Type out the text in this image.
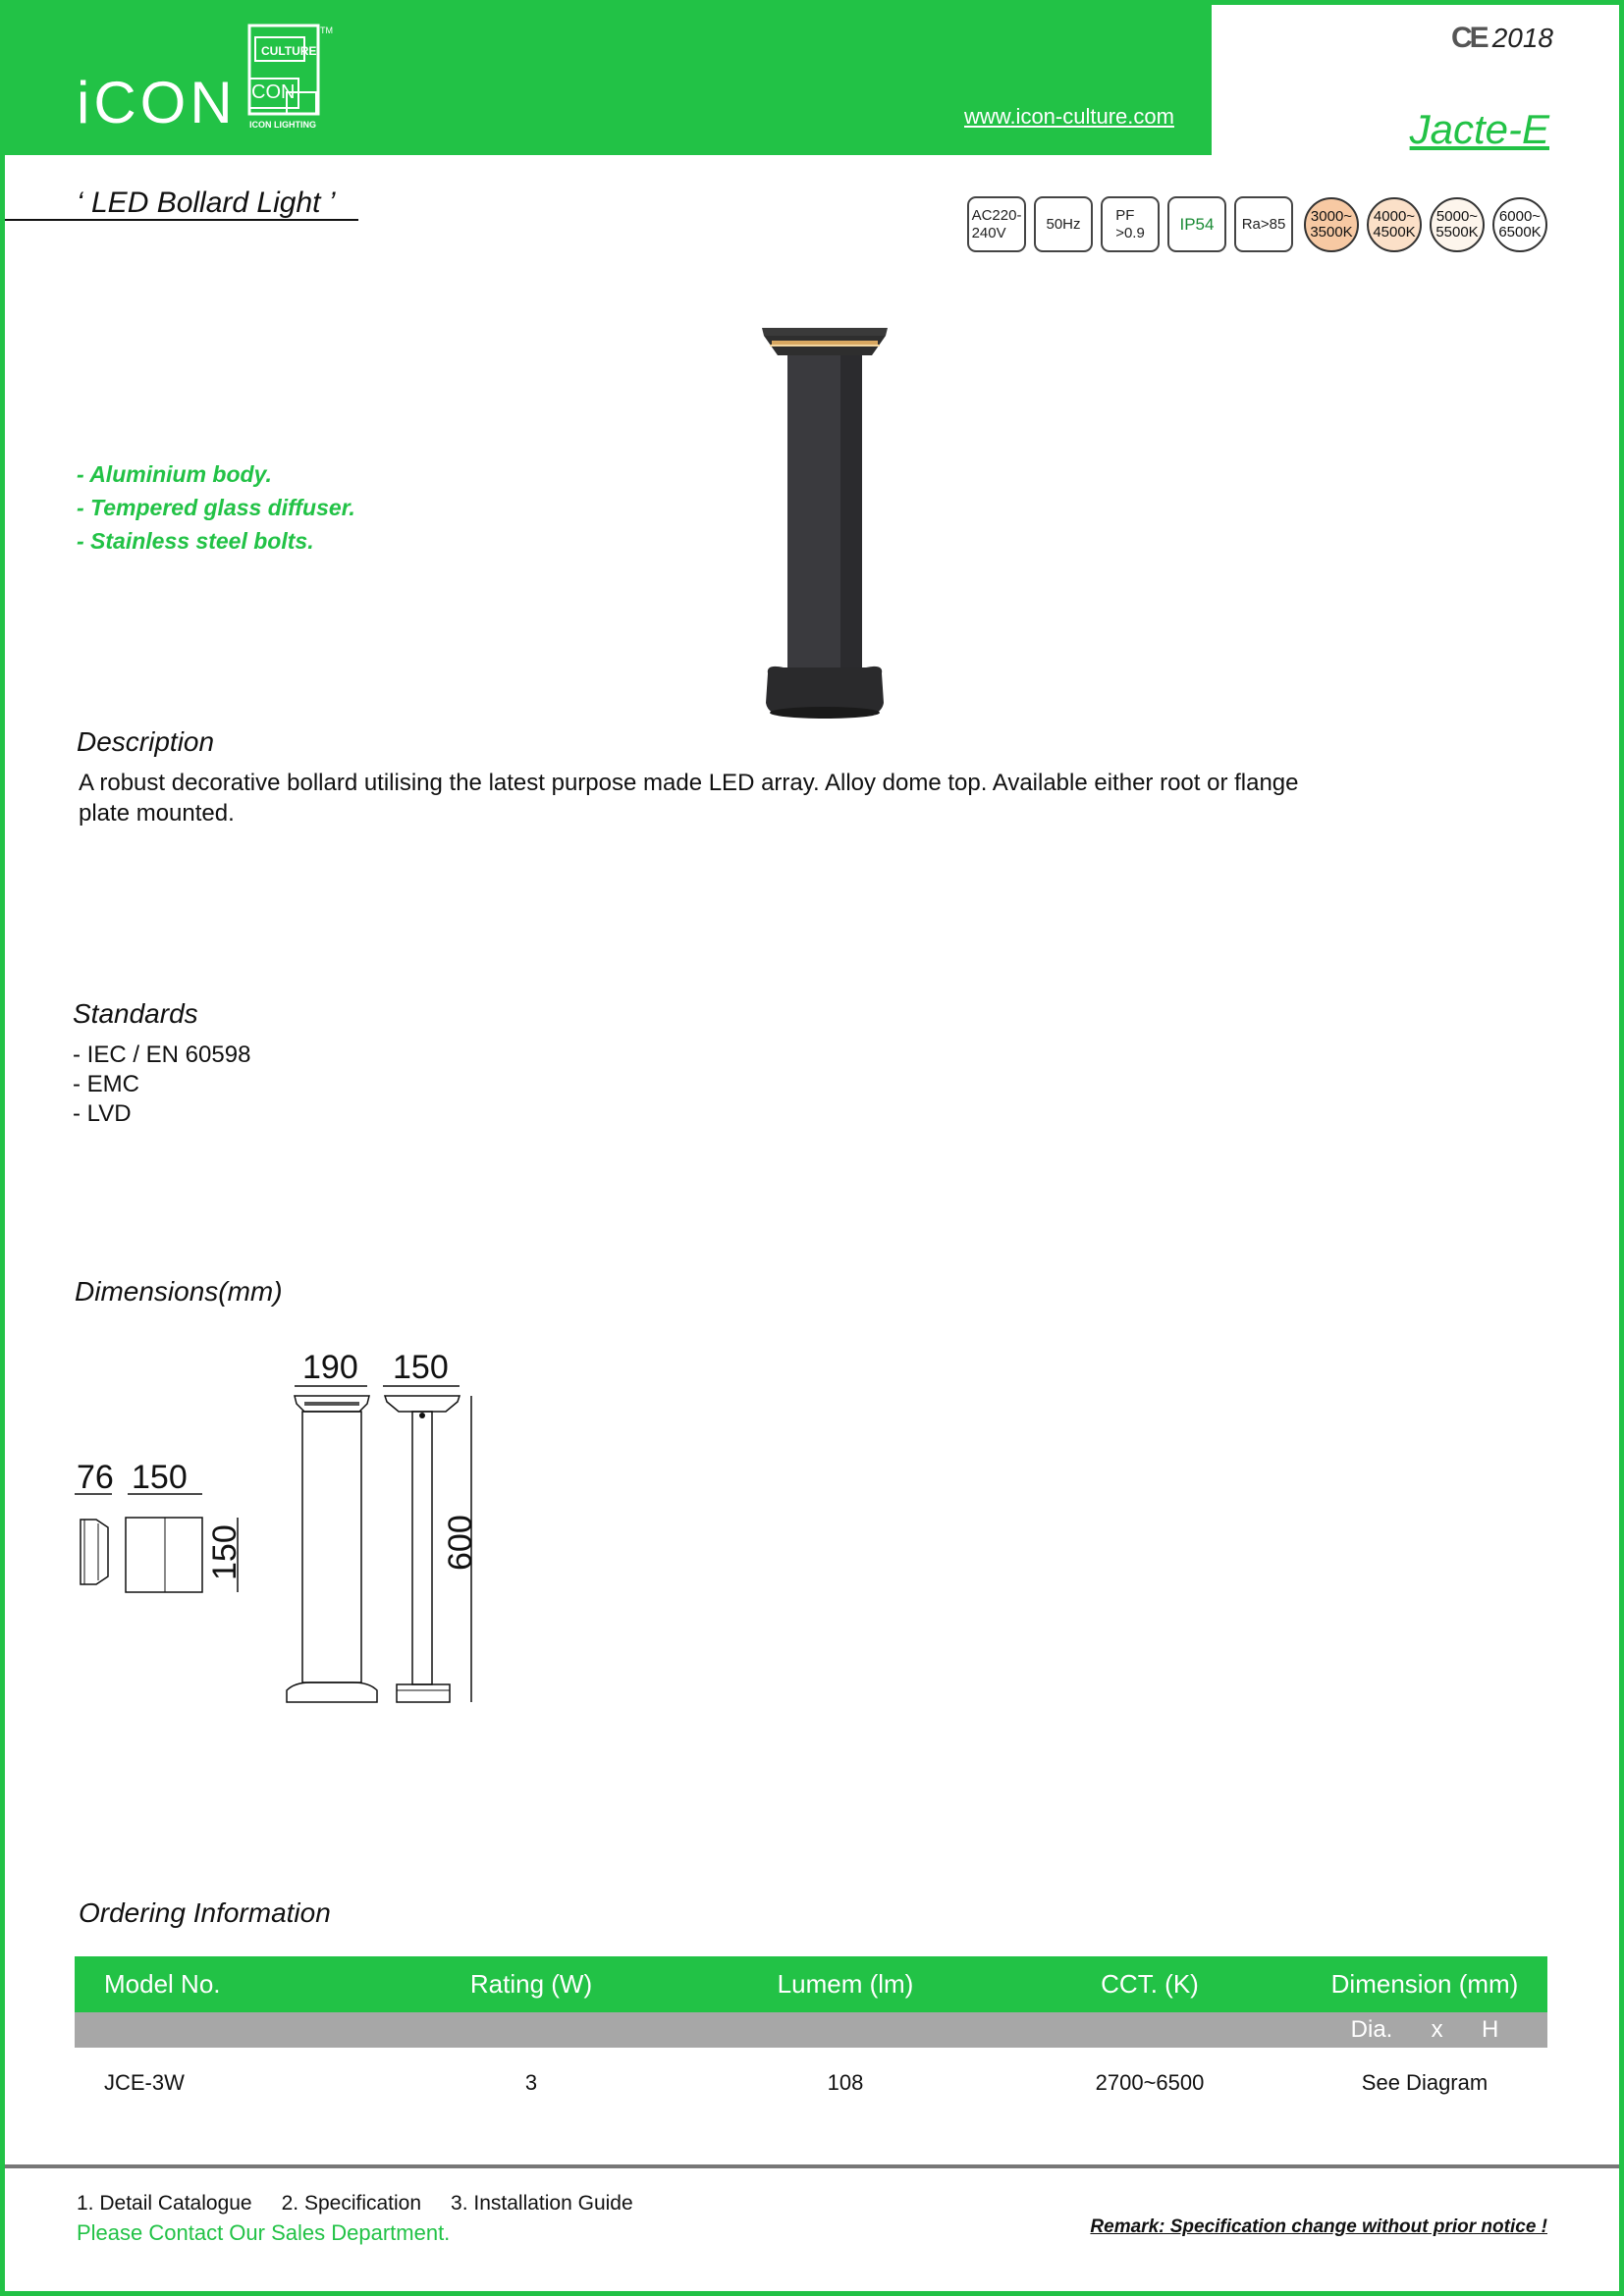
iCON
CULTURE
CON
ICON LIGHTING
TM
www.icon-culture.com
CE 2018
Jacte-E
‘ LED Bollard Light ’	AC220-
240V
50Hz
PF
>0.9	IP54	Ra>85	3000~
3500K
4000~
4500K
5000~
5500K
6000~
6500K
- Aluminium body.
- Tempered glass diffuser.
- Stainless steel bolts.
Description
A robust decorative bollard utilising the latest purpose made LED array. Alloy dome top. Available either root or flange plate mounted.
Standards
- IEC / EN 60598
- EMC
- LVD
Dimensions(mm)
76 150
150
190 150
600
Ordering Information
Model No.	Rating (W)	Lumem (lm)	CCT. (K)	Dimension (mm)
Dia. x H
JCE-3W	3	108	2700~6500	See Diagram
1. Detail Catalogue 2. Specification 3. Installation Guide
Please Contact Our Sales Department.	Remark: Specification change without prior notice !
